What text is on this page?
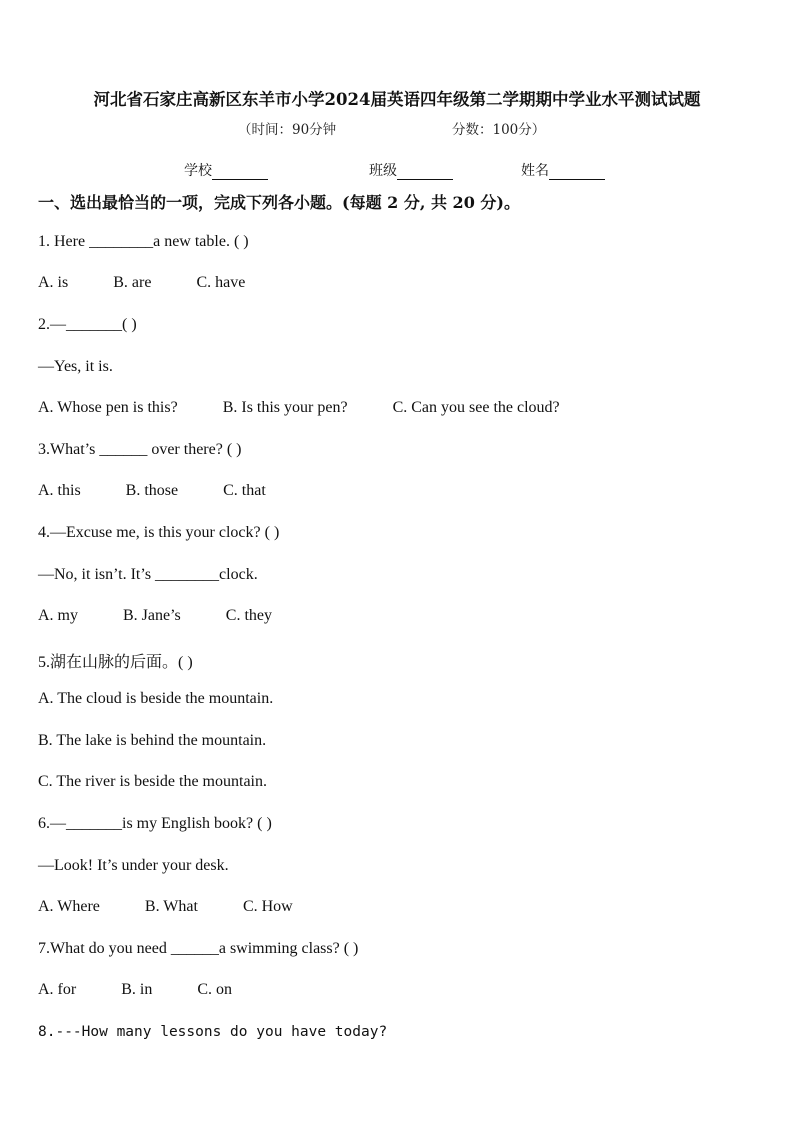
河北省石家庄高新区东羊市小学2024届英语四年级第二学期期中学业水平测试试题
（时间：90分钟	分数：100分）
学校	班级	姓名
一、选出最恰当的一项，完成下列各小题。(每题 2 分, 共 20 分)。
1. Here ________a new table. ( )
A. is	B. are	C. have
2.—_______( )
—Yes, it is.
A. Whose pen is this?	B. Is this your pen?	C. Can you see the cloud?
3.What’s ______ over there? ( )
A. this	B. those	C. that
4.—Excuse me, is this your clock? ( )
—No, it isn’t. It’s ________clock.
A. my	B. Jane’s	C. they
5.湖在山脉的后面。( )
A. The cloud is beside the mountain.
B. The lake is behind the mountain.
C. The river is beside the mountain.
6.—_______is my English book? ( )
—Look! It’s under your desk.
A. Where	B. What	C. How
7.What do you need ______a swimming class? ( )
A. for	B. in	C. on
8.---How many lessons do you have today?
